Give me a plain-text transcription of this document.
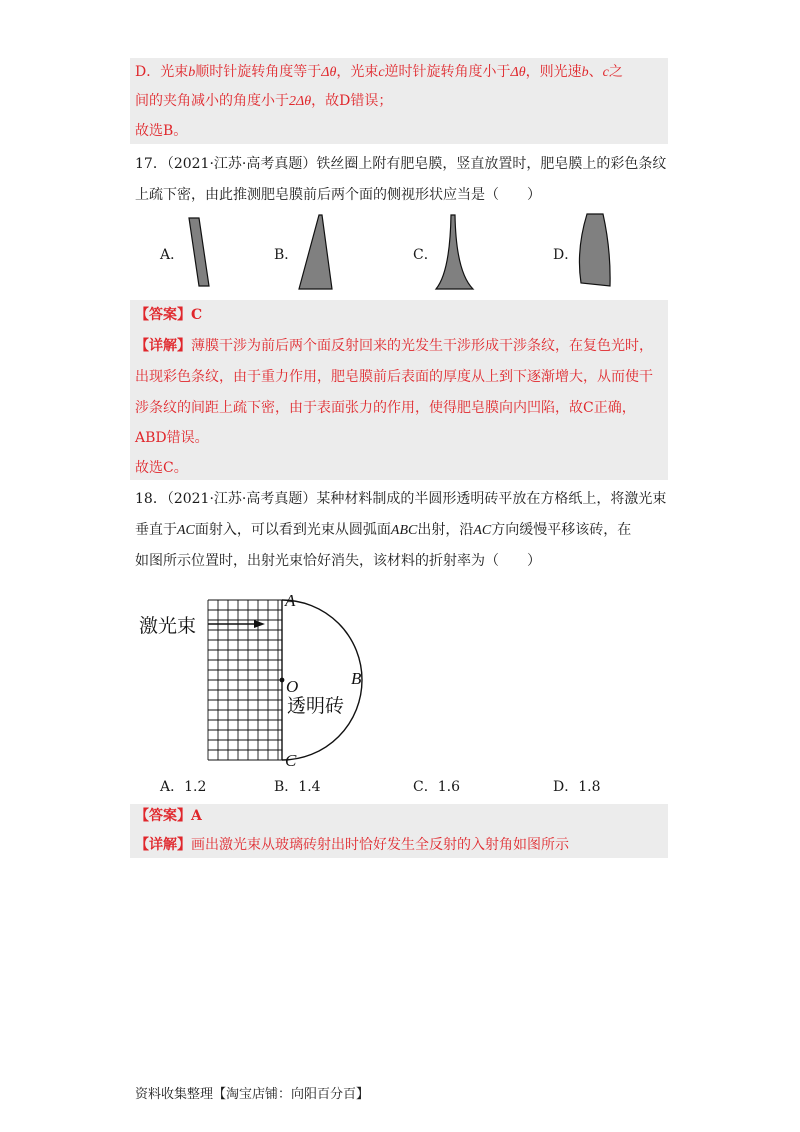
D．光束b顺时针旋转角度等于Δθ，光束c逆时针旋转角度小于Δθ，则光速b、c之
间的夹角减小的角度小于2Δθ，故D错误；
故选B。
17．（2021·江苏·高考真题）铁丝圈上附有肥皂膜，竖直放置时，肥皂膜上的彩色条纹
上疏下密，由此推测肥皂膜前后两个面的侧视形状应当是（　　）
A．	B．	C．	D．
【答案】C
【详解】薄膜干涉为前后两个面反射回来的光发生干涉形成干涉条纹，在复色光时，
出现彩色条纹，由于重力作用，肥皂膜前后表面的厚度从上到下逐渐增大，从而使干
涉条纹的间距上疏下密，由于表面张力的作用，使得肥皂膜向内凹陷，故C正确，
ABD错误。
故选C。
18．（2021·江苏·高考真题）某种材料制成的半圆形透明砖平放在方格纸上，将激光束
垂直于AC面射入，可以看到光束从圆弧面ABC出射，沿AC方向缓慢平移该砖，在
如图所示位置时，出射光束恰好消失，该材料的折射率为（　　）
激光束
透明砖
A
B
C
O
A．1.2	B．1.4	C．1.6	D．1.8
【答案】A
【详解】画出激光束从玻璃砖射出时恰好发生全反射的入射角如图所示
资料收集整理【淘宝店铺：向阳百分百】
